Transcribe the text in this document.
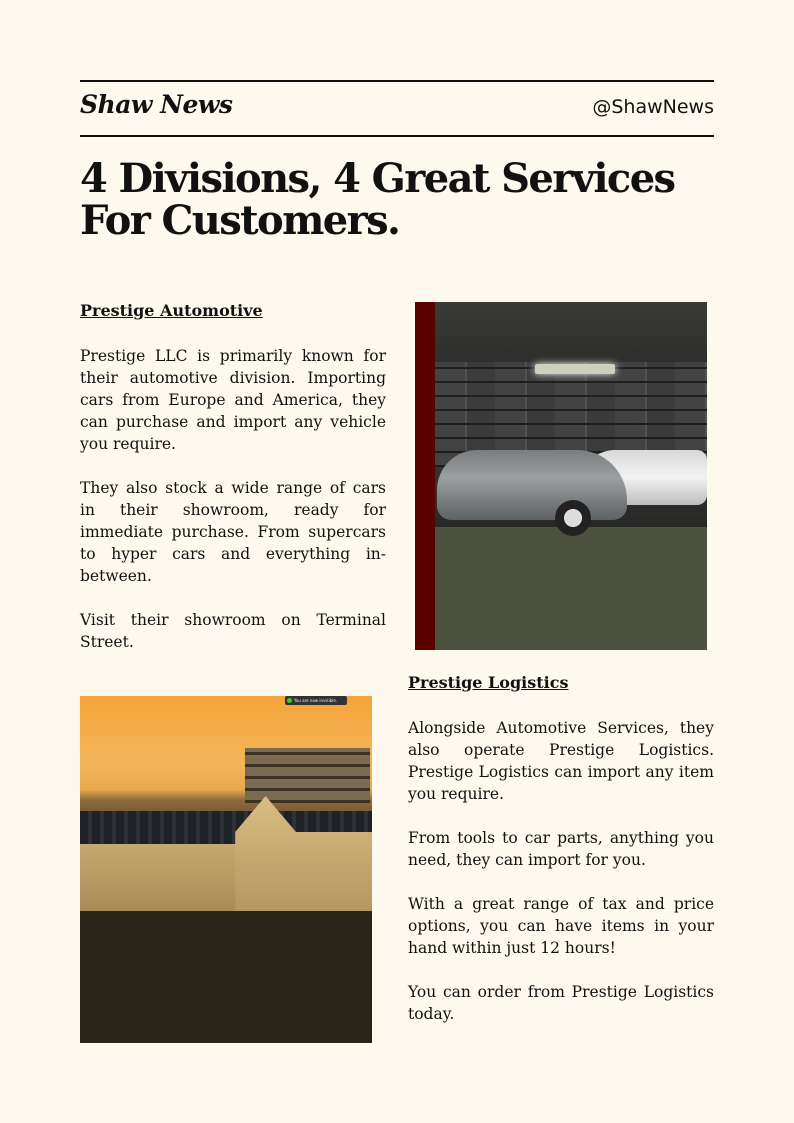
Shaw News	@ShawNews
4 Divisions, 4 Great Services For Customers.
Prestige Automotive

Prestige LLC is primarily known for their automotive division. Importing cars from Europe and America, they can purchase and import any vehicle you require.

They also stock a wide range of cars in their showroom, ready for immediate purchase. From supercars to hyper cars and everything in-between.

Visit their showroom on Terminal Street. Gladly Sponsored

Prestige Logistics

Alongside Automotive Services, they also operate Prestige Logistics. Prestige Logistics can import any item you require.

From tools to car parts, anything you need, they can import for you.

With a great range of tax and price options, you can have items in your hand within just 12 hours!

You can order from Prestige Logistics today.

You are now invisible.
